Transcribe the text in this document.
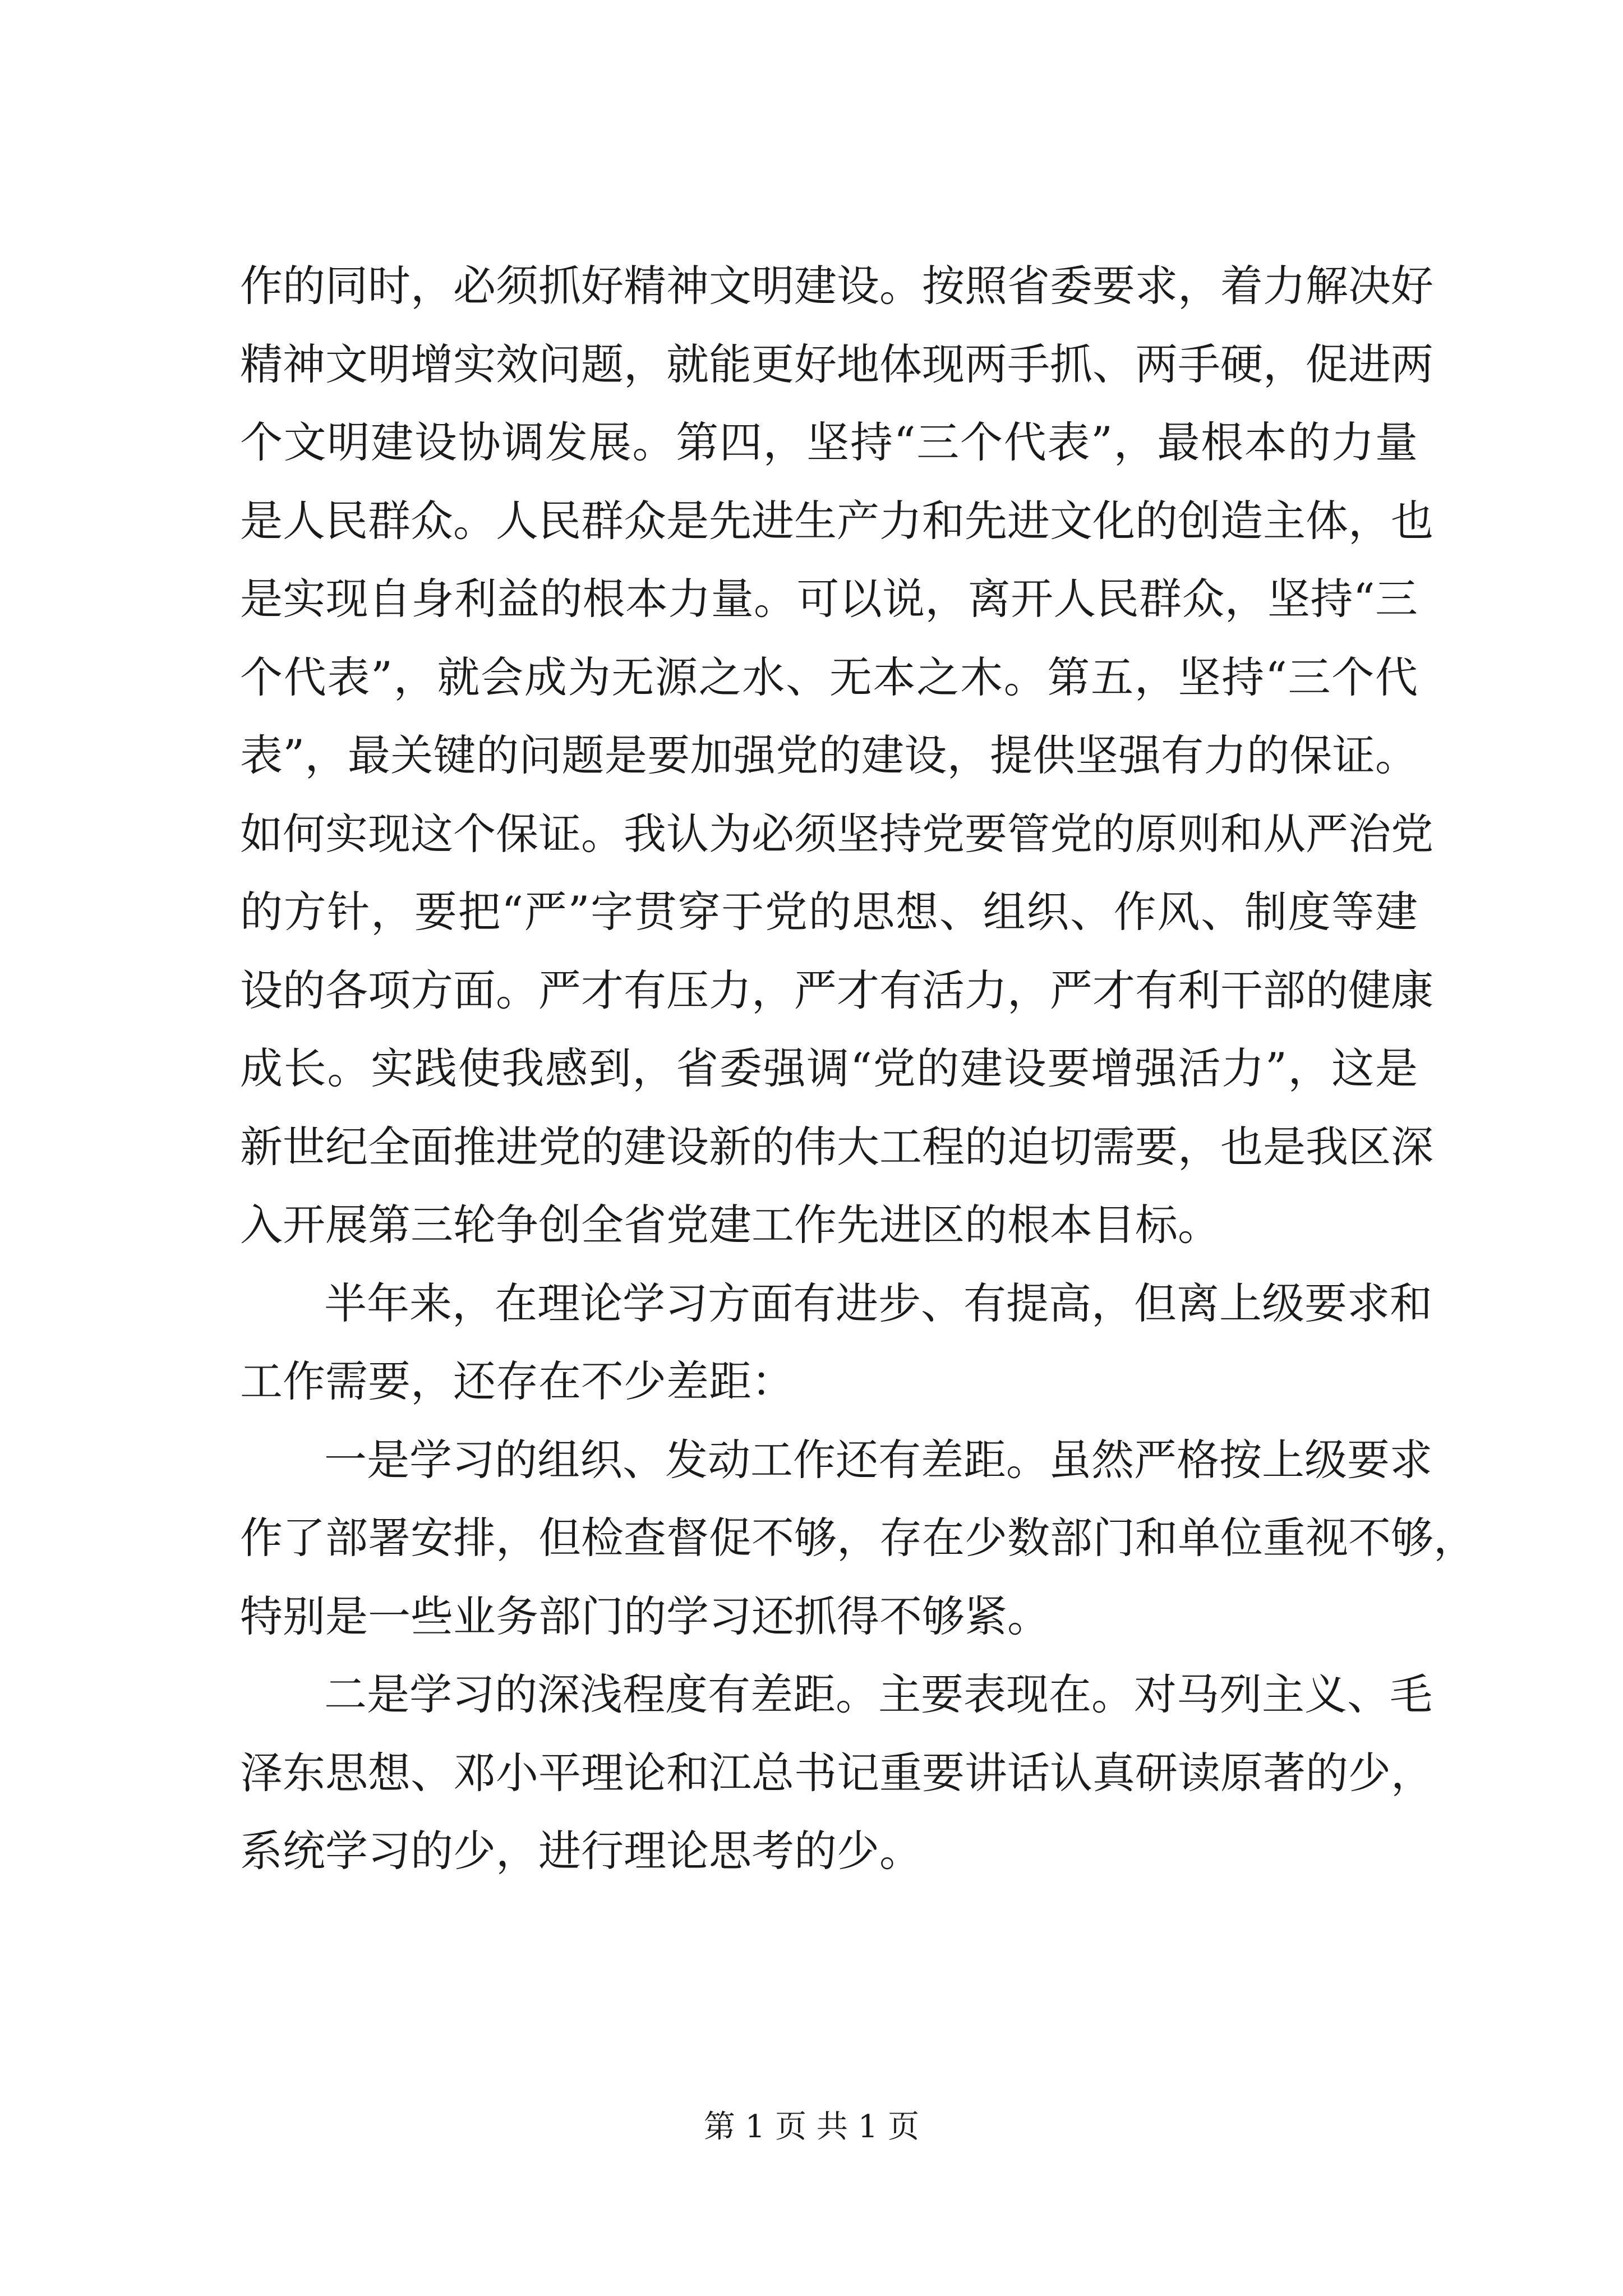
作的同时，必须抓好精神文明建设。按照省委要求，着力解决好
精神文明增实效问题，就能更好地体现两手抓、两手硬，促进两
个文明建设协调发展。第四，坚持“三个代表”，最根本的力量
是人民群众。人民群众是先进生产力和先进文化的创造主体，也
是实现自身利益的根本力量。可以说，离开人民群众，坚持“三
个代表”，就会成为无源之水、无本之木。第五，坚持“三个代
表”，最关键的问题是要加强党的建设，提供坚强有力的保证。
如何实现这个保证。我认为必须坚持党要管党的原则和从严治党
的方针，要把“严”字贯穿于党的思想、组织、作风、制度等建
设的各项方面。严才有压力，严才有活力，严才有利干部的健康
成长。实践使我感到，省委强调“党的建设要增强活力”，这是
新世纪全面推进党的建设新的伟大工程的迫切需要，也是我区深
入开展第三轮争创全省党建工作先进区的根本目标。
半年来，在理论学习方面有进步、有提高，但离上级要求和
工作需要，还存在不少差距：
一是学习的组织、发动工作还有差距。虽然严格按上级要求
作了部署安排，但检查督促不够，存在少数部门和单位重视不够，
特别是一些业务部门的学习还抓得不够紧。
二是学习的深浅程度有差距。主要表现在。对马列主义、毛
泽东思想、邓小平理论和江总书记重要讲话认真研读原著的少，
系统学习的少，进行理论思考的少。
第 1 页 共 1 页
